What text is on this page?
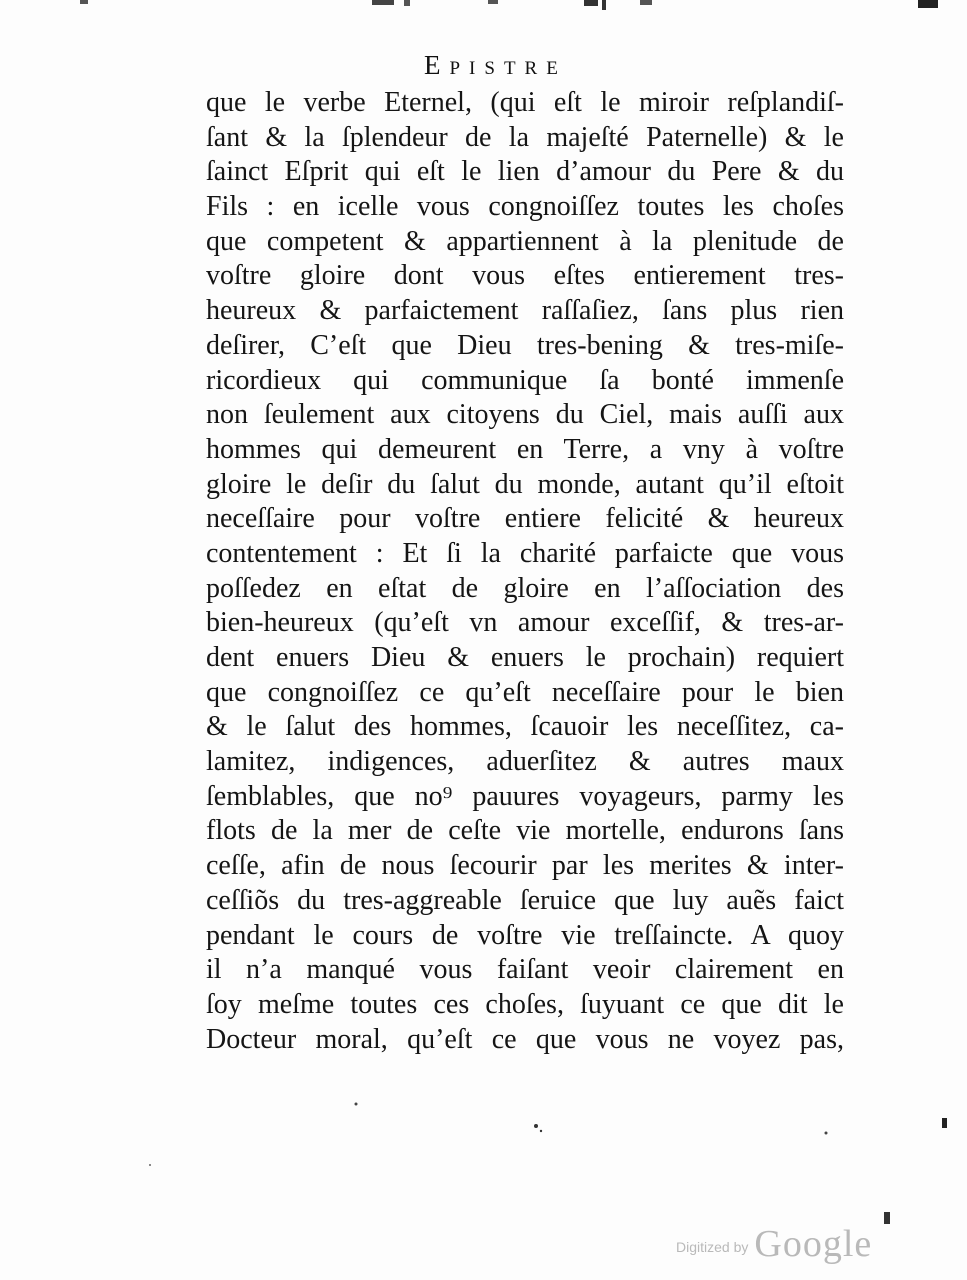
Epistre
que le verbe Eternel, (qui eſt le miroir reſplandiſ-
ſant & la ſplendeur de la majeſté Paternelle) & le
ſainct Eſprit qui eſt le lien d’amour du Pere & du
Fils : en icelle vous congnoiſſez toutes les choſes
que competent & appartiennent à la plenitude de
voſtre gloire dont vous eſtes entierement tres-
heureux & parfaictement raſſaſiez, ſans plus rien
deſirer, C’eſt que Dieu tres-bening & tres-miſe-
ricordieux qui communique ſa bonté immenſe
non ſeulement aux citoyens du Ciel, mais auſſi aux
hommes qui demeurent en Terre, a vny à voſtre
gloire le deſir du ſalut du monde, autant qu’il eſtoit
neceſſaire pour voſtre entiere felicité & heureux
contentement : Et ſi la charité parfaicte que vous
poſſedez en eſtat de gloire en l’aſſociation des
bien-heureux (qu’eſt vn amour exceſſif, & tres-ar-
dent enuers Dieu & enuers le prochain) requiert
que congnoiſſez ce qu’eſt neceſſaire pour le bien
& le ſalut des hommes, ſcauoir les neceſſitez, ca-
lamitez, indigences, aduerſitez & autres maux
ſemblables, que no⁹ pauures voyageurs, parmy les
flots de la mer de ceſte vie mortelle, endurons ſans
ceſſe, afin de nous ſecourir par les merites & inter-
ceſſiõs du tres-aggreable ſeruice que luy auẽs faict
pendant le cours de voſtre vie treſſaincte. A quoy
il n’a manqué vous faiſant veoir clairement en
ſoy meſme toutes ces choſes, ſuyuant ce que dit le
Docteur moral, qu’eſt ce que vous ne voyez pas,
Digitized by Google
